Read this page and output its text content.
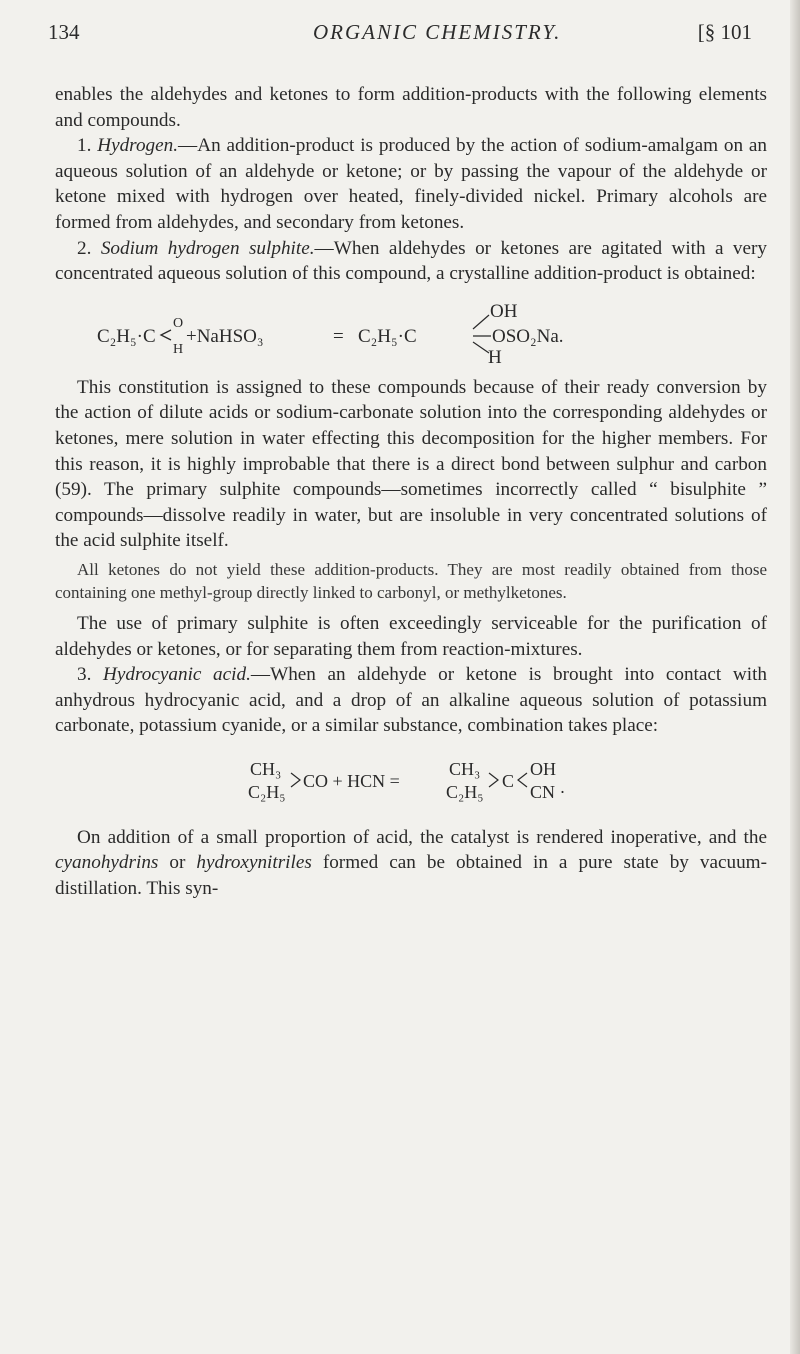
134	ORGANIC CHEMISTRY.	[§ 101

enables the aldehydes and ketones to form addition-products with the following elements and compounds.

1. Hydrogen.—An addition-product is produced by the action of sodium-amalgam on an aqueous solution of an aldehyde or ketone; or by passing the vapour of the aldehyde or ketone mixed with hydrogen over heated, finely-divided nickel. Primary alcohols are formed from aldehydes, and secondary from ketones.

2. Sodium hydrogen sulphite.—When aldehydes or ketones are agitated with a very concentrated aqueous solution of this compound, a crystalline addition-product is obtained:

C₂H₅·C
O
H
+NaHSO₃	= C₂H₅·C
OH
OSO₂Na.
H

This constitution is assigned to these compounds because of their ready conversion by the action of dilute acids or sodium-carbonate solution into the corresponding aldehydes or ketones, mere solution in water effecting this decomposition for the higher members. For this reason, it is highly improbable that there is a direct bond between sulphur and carbon (59). The primary sulphite compounds—sometimes incorrectly called “ bisulphite ” compounds—dissolve readily in water, but are insoluble in very concentrated solutions of the acid sulphite itself.

All ketones do not yield these addition-products. They are most readily obtained from those containing one methyl-group directly linked to carbonyl, or methylketones.

The use of primary sulphite is often exceedingly serviceable for the purification of aldehydes or ketones, or for separating them from reaction-mixtures.

3. Hydrocyanic acid.—When an aldehyde or ketone is brought into contact with anhydrous hydrocyanic acid, and a drop of an alkaline aqueous solution of potassium carbonate, potassium cyanide, or a similar substance, combination takes place:

CH₃
C₂H₅
CO + HCN =
CH₃
C₂H₅
C
OH
CN ·

On addition of a small proportion of acid, the catalyst is rendered inoperative, and the cyanohydrins or hydroxynitriles formed can be obtained in a pure state by vacuum-distillation. This syn-
